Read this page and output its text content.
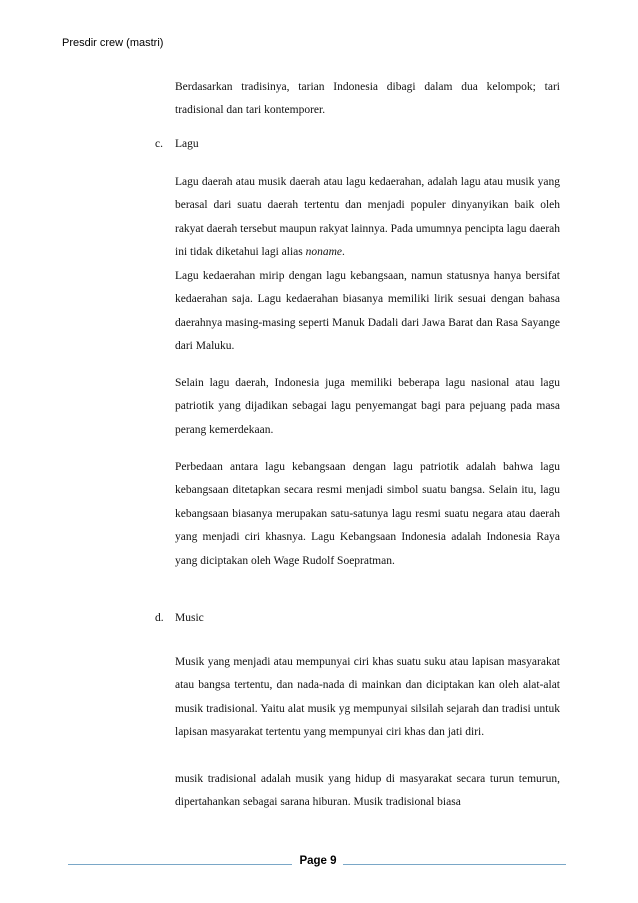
Presdir crew (mastri)

Berdasarkan tradisinya, tarian Indonesia dibagi dalam dua kelompok; tari tradisional dan tari kontemporer.

c. Lagu

Lagu daerah atau musik daerah atau lagu kedaerahan, adalah lagu atau musik yang berasal dari suatu daerah tertentu dan menjadi populer dinyanyikan baik oleh rakyat daerah tersebut maupun rakyat lainnya. Pada umumnya pencipta lagu daerah ini tidak diketahui lagi alias noname.

Lagu kedaerahan mirip dengan lagu kebangsaan, namun statusnya hanya bersifat kedaerahan saja. Lagu kedaerahan biasanya memiliki lirik sesuai dengan bahasa daerahnya masing-masing seperti Manuk Dadali dari Jawa Barat dan Rasa Sayange dari Maluku.

Selain lagu daerah, Indonesia juga memiliki beberapa lagu nasional atau lagu patriotik yang dijadikan sebagai lagu penyemangat bagi para pejuang pada masa perang kemerdekaan.

Perbedaan antara lagu kebangsaan dengan lagu patriotik adalah bahwa lagu kebangsaan ditetapkan secara resmi menjadi simbol suatu bangsa. Selain itu, lagu kebangsaan biasanya merupakan satu-satunya lagu resmi suatu negara atau daerah yang menjadi ciri khasnya. Lagu Kebangsaan Indonesia adalah Indonesia Raya yang diciptakan oleh Wage Rudolf Soepratman.

d. Music

Musik yang menjadi atau mempunyai ciri khas suatu suku atau lapisan masyarakat atau bangsa tertentu, dan nada-nada di mainkan dan diciptakan kan oleh alat-alat musik tradisional. Yaitu alat musik yg mempunyai silsilah sejarah dan tradisi untuk lapisan masyarakat tertentu yang mempunyai ciri khas dan jati diri.

musik tradisional adalah musik yang hidup di masyarakat secara turun temurun, dipertahankan sebagai sarana hiburan. Musik tradisional biasa

Page 9
